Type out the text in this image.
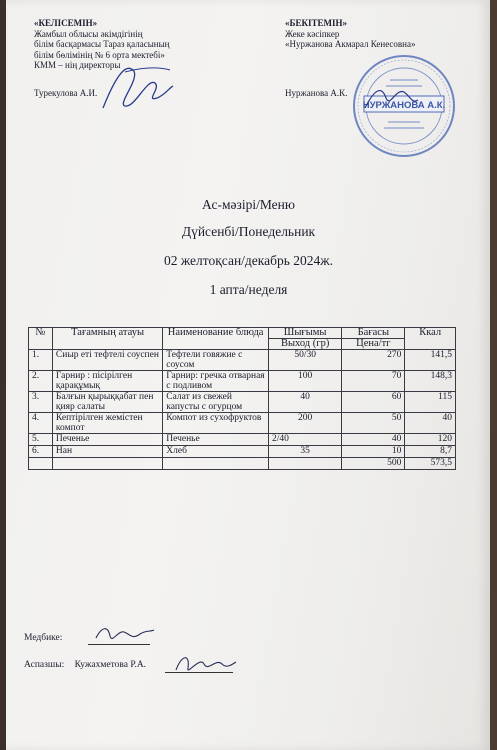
«КЕЛІСЕМІН»
Жамбыл облысы әкімдігінің
білім басқармасы Тараз қаласының
білім бөлімінің № 6 орта мектебі»
КММ – нің директоры
Турекулова А.И.
«БЕКІТЕМІН»
Жеке кәсіпкер
«Нуржанова Акмарал Кенесовна»
Нуржанова А.К.
НУРЖАНОВА А.К.
Ас-мәзірі/Меню
Дүйсенбі/Понедельник
02 желтоқсан/декабрь 2024ж.
1 апта/неделя
№	Тағамның атауы	Наименование блюда	Шығымы	Бағасы	Ккал
			Выход (гр)	Цена/тг	
1.	Сиыр еті тефтелі соуспен	Тефтели говяжие с соусом	50/30	270	141,5
2.	Гарнир : пісірілген қарақұмық	Гарнир: гречка отварная с подливом	100	70	148,3
3.	Балғын қырыққабат пен қияр салаты	Салат из свежей капусты с огурцом	40	60	115
4.	Кептірілген жемістен компот	Компот из сухофруктов	200	50	40
5.	Печенье	Печенье	2/40	40	120
6.	Нан	Хлеб	35	10	8,7
				500	573,5
Медбике:
Аспазшы: Кужахметова Р.А.
